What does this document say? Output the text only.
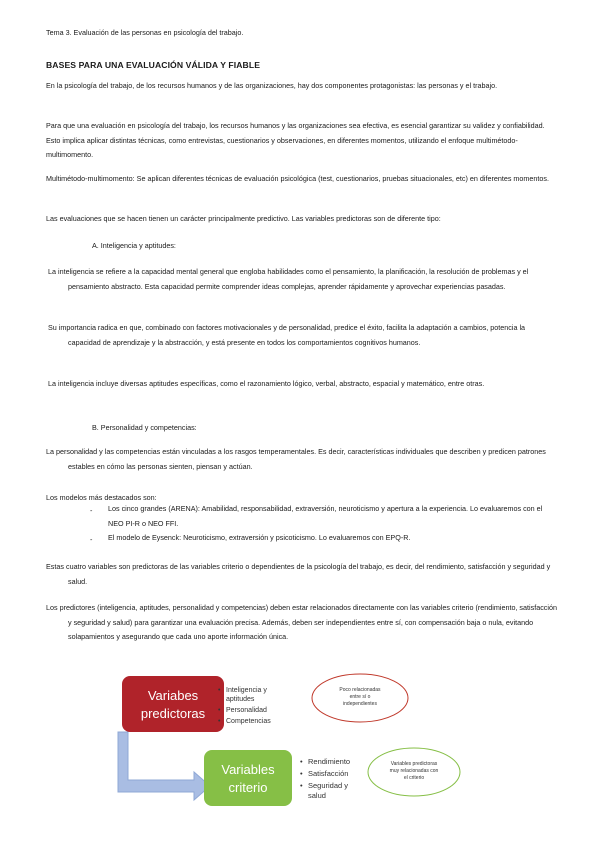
Tema 3. Evaluación de las personas en psicología del trabajo.
BASES PARA UNA EVALUACIÓN VÁLIDA Y FIABLE
En la psicología del trabajo, de los recursos humanos y de las organizaciones, hay dos componentes protagonistas: las personas y el trabajo.
Para que una evaluación en psicología del trabajo, los recursos humanos y las organizaciones sea efectiva, es esencial garantizar su validez y confiabilidad. Esto implica aplicar distintas técnicas, como entrevistas, cuestionarios y observaciones, en diferentes momentos, utilizando el enfoque multimétodo-multimomento.
Multimétodo-multimomento: Se aplican diferentes técnicas de evaluación psicológica (test, cuestionarios, pruebas situacionales, etc) en diferentes momentos.
Las evaluaciones que se hacen tienen un carácter principalmente predictivo. Las variables predictoras son de diferente tipo:
A. Inteligencia y aptitudes:
La inteligencia se refiere a la capacidad mental general que engloba habilidades como el pensamiento, la planificación, la resolución de problemas y el pensamiento abstracto. Esta capacidad permite comprender ideas complejas, aprender rápidamente y aprovechar experiencias pasadas.
Su importancia radica en que, combinado con factores motivacionales y de personalidad, predice el éxito, facilita la adaptación a cambios, potencia la capacidad de aprendizaje y la abstracción, y está presente en todos los comportamientos cognitivos humanos.
La inteligencia incluye diversas aptitudes específicas, como el razonamiento lógico, verbal, abstracto, espacial y matemático, entre otras.
B. Personalidad y competencias:
La personalidad y las competencias están vinculadas a los rasgos temperamentales. Es decir, características individuales que describen y predicen patrones estables en cómo las personas sienten, piensan y actúan.
Los modelos más destacados son:
- Los cinco grandes (ARENA): Amabilidad, responsabilidad, extraversión, neuroticismo y apertura a la experiencia. Lo evaluaremos con el NEO PI-R o NEO FFI.
- El modelo de Eysenck: Neuroticismo, extraversión y psicoticismo. Lo evaluaremos con EPQ-R.
Estas cuatro variables son predictoras de las variables criterio o dependientes de la psicología del trabajo, es decir, del rendimiento, satisfacción y seguridad y salud.
Los predictores (inteligencia, aptitudes, personalidad y competencias) deben estar relacionados directamente con las variables criterio (rendimiento, satisfacción y seguridad y salud) para garantizar una evaluación precisa. Además, deben ser independientes entre sí, con compensación baja o nula, evitando solapamientos y asegurando que cada uno aporte información única.
Variabes
predictoras
• Inteligencia y
aptitudes
• Personalidad
• Competencias
Poco relacionadas
entre sí o
independientes
Variables
criterio
• Rendimiento
• Satisfacción
• Seguridad y
salud
Variables predictoras
muy relacionadas con
el criterio
